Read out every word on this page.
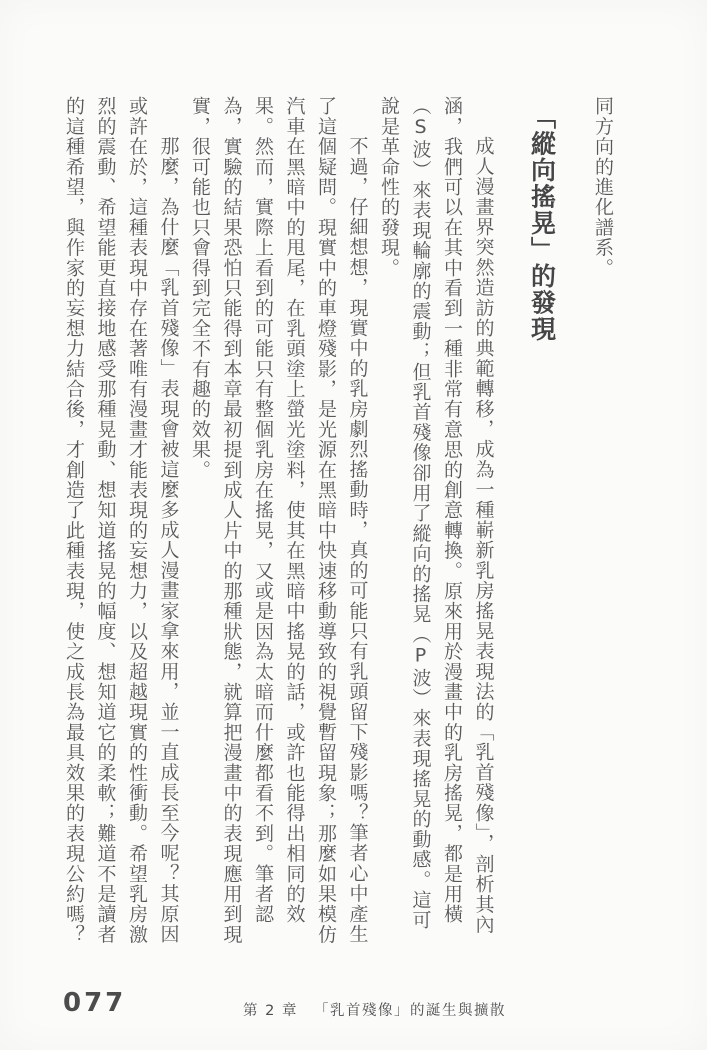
同方向的進化譜系。

「縱向搖晃」的發現
成人漫畫界突然造訪的典範轉移，成為一種嶄新乳房搖晃表現法的「乳首殘像」，剖析其內
涵，我們可以在其中看到一種非常有意思的創意轉換。原來用於漫畫中的乳房搖晃，都是用橫
（S波）來表現輪廓的震動；但乳首殘像卻用了縱向的搖晃（P波）來表現搖晃的動感。這可
說是革命性的發現。
不過，仔細想想，現實中的乳房劇烈搖動時，真的可能只有乳頭留下殘影嗎？筆者心中產生
了這個疑問。現實中的車燈殘影，是光源在黑暗中快速移動導致的視覺暫留現象；那麼如果模仿
汽車在黑暗中的甩尾，在乳頭塗上螢光塗料，使其在黑暗中搖晃的話，或許也能得出相同的效
果。然而，實際上看到的可能只有整個乳房在搖晃，又或是因為太暗而什麼都看不到。筆者認
為，實驗的結果恐怕只能得到本章最初提到成人片中的那種狀態，就算把漫畫中的表現應用到現
實，很可能也只會得到完全不有趣的效果。
那麼，為什麼「乳首殘像」表現會被這麼多成人漫畫家拿來用，並一直成長至今呢？其原因
或許在於，這種表現中存在著唯有漫畫才能表現的妄想力，以及超越現實的性衝動。希望乳房激
烈的震動、希望能更直接地感受那種晃動、想知道搖晃的幅度、想知道它的柔軟；難道不是讀者
的這種希望，與作家的妄想力結合後，才創造了此種表現，使之成長為最具效果的表現公約嗎？
077	第 2 章 「乳首殘像」的誕生與擴散
